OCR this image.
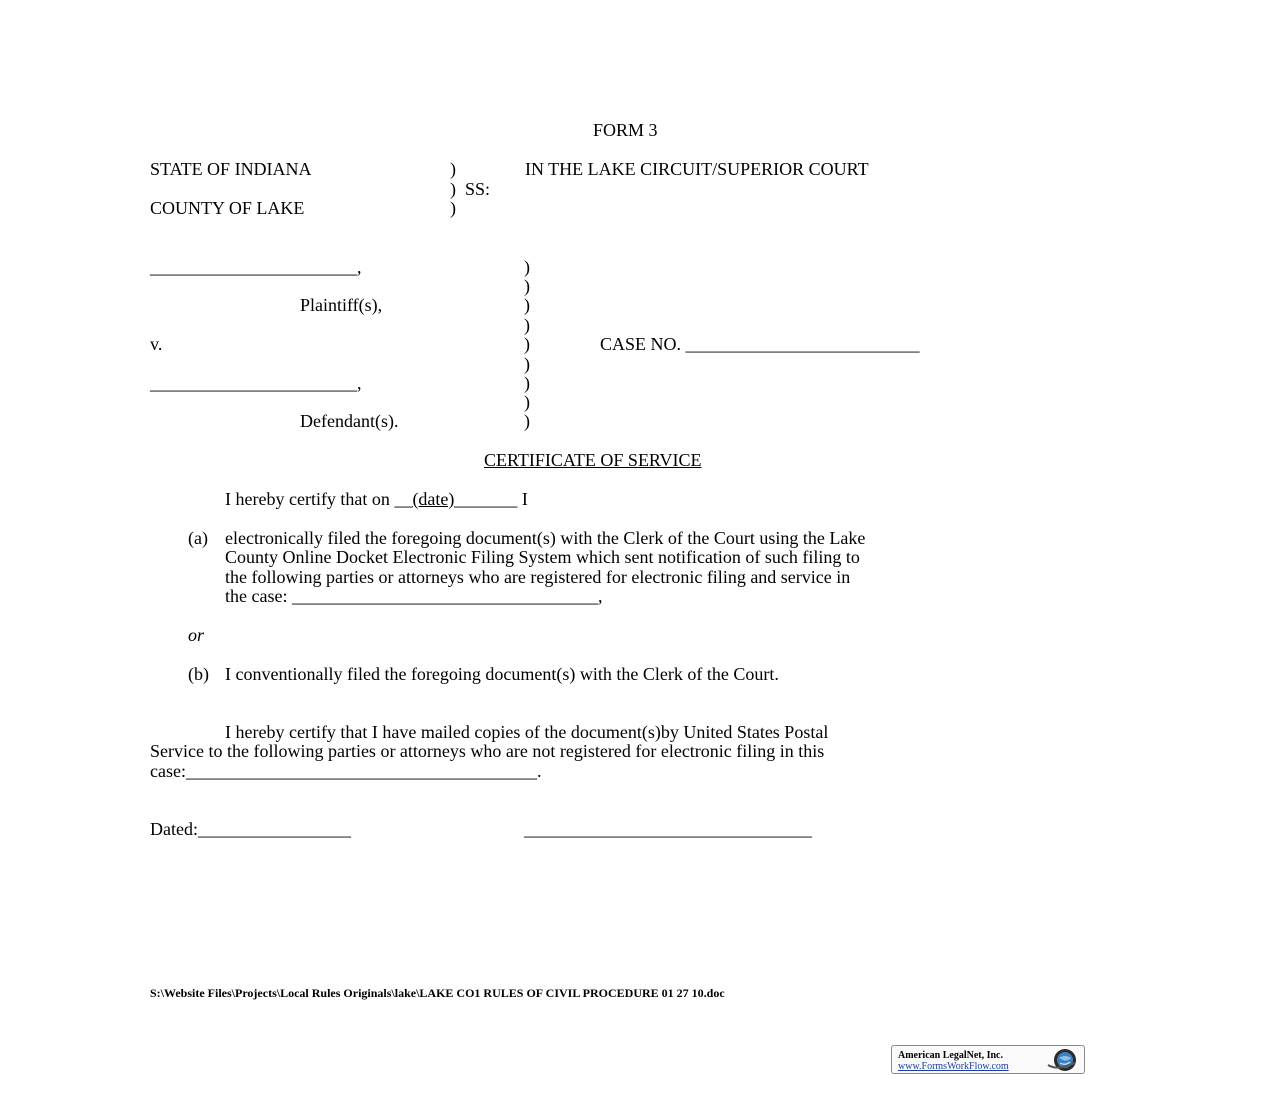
FORM 3
STATE OF INDIANA	)	IN THE LAKE CIRCUIT/SUPERIOR COURT
)  SS:
COUNTY OF LAKE	)
_______________________,
Plaintiff(s),
v.
_______________________,
Defendant(s).
)
)
)
)
)
)
)
)
)
CASE NO. __________________________
CERTIFICATE OF SERVICE
I hereby certify that on __(date)_______ I
(a) electronically filed the foregoing document(s) with the Clerk of the Court using the Lake
County Online Docket Electronic Filing System which sent notification of such filing to
the following parties or attorneys who are registered for electronic filing and service in
the case: __________________________________,
or
(b) I conventionally filed the foregoing document(s) with the Clerk of the Court.
I hereby certify that I have mailed copies of the document(s)by United States Postal
Service to the following parties or attorneys who are not registered for electronic filing in this
case:_______________________________________.
Dated:_________________	________________________________
S:\Website Files\Projects\Local Rules Originals\lake\LAKE CO1 RULES OF CIVIL PROCEDURE 01 27 10.doc
American LegalNet, Inc.
www.FormsWorkFlow.com
